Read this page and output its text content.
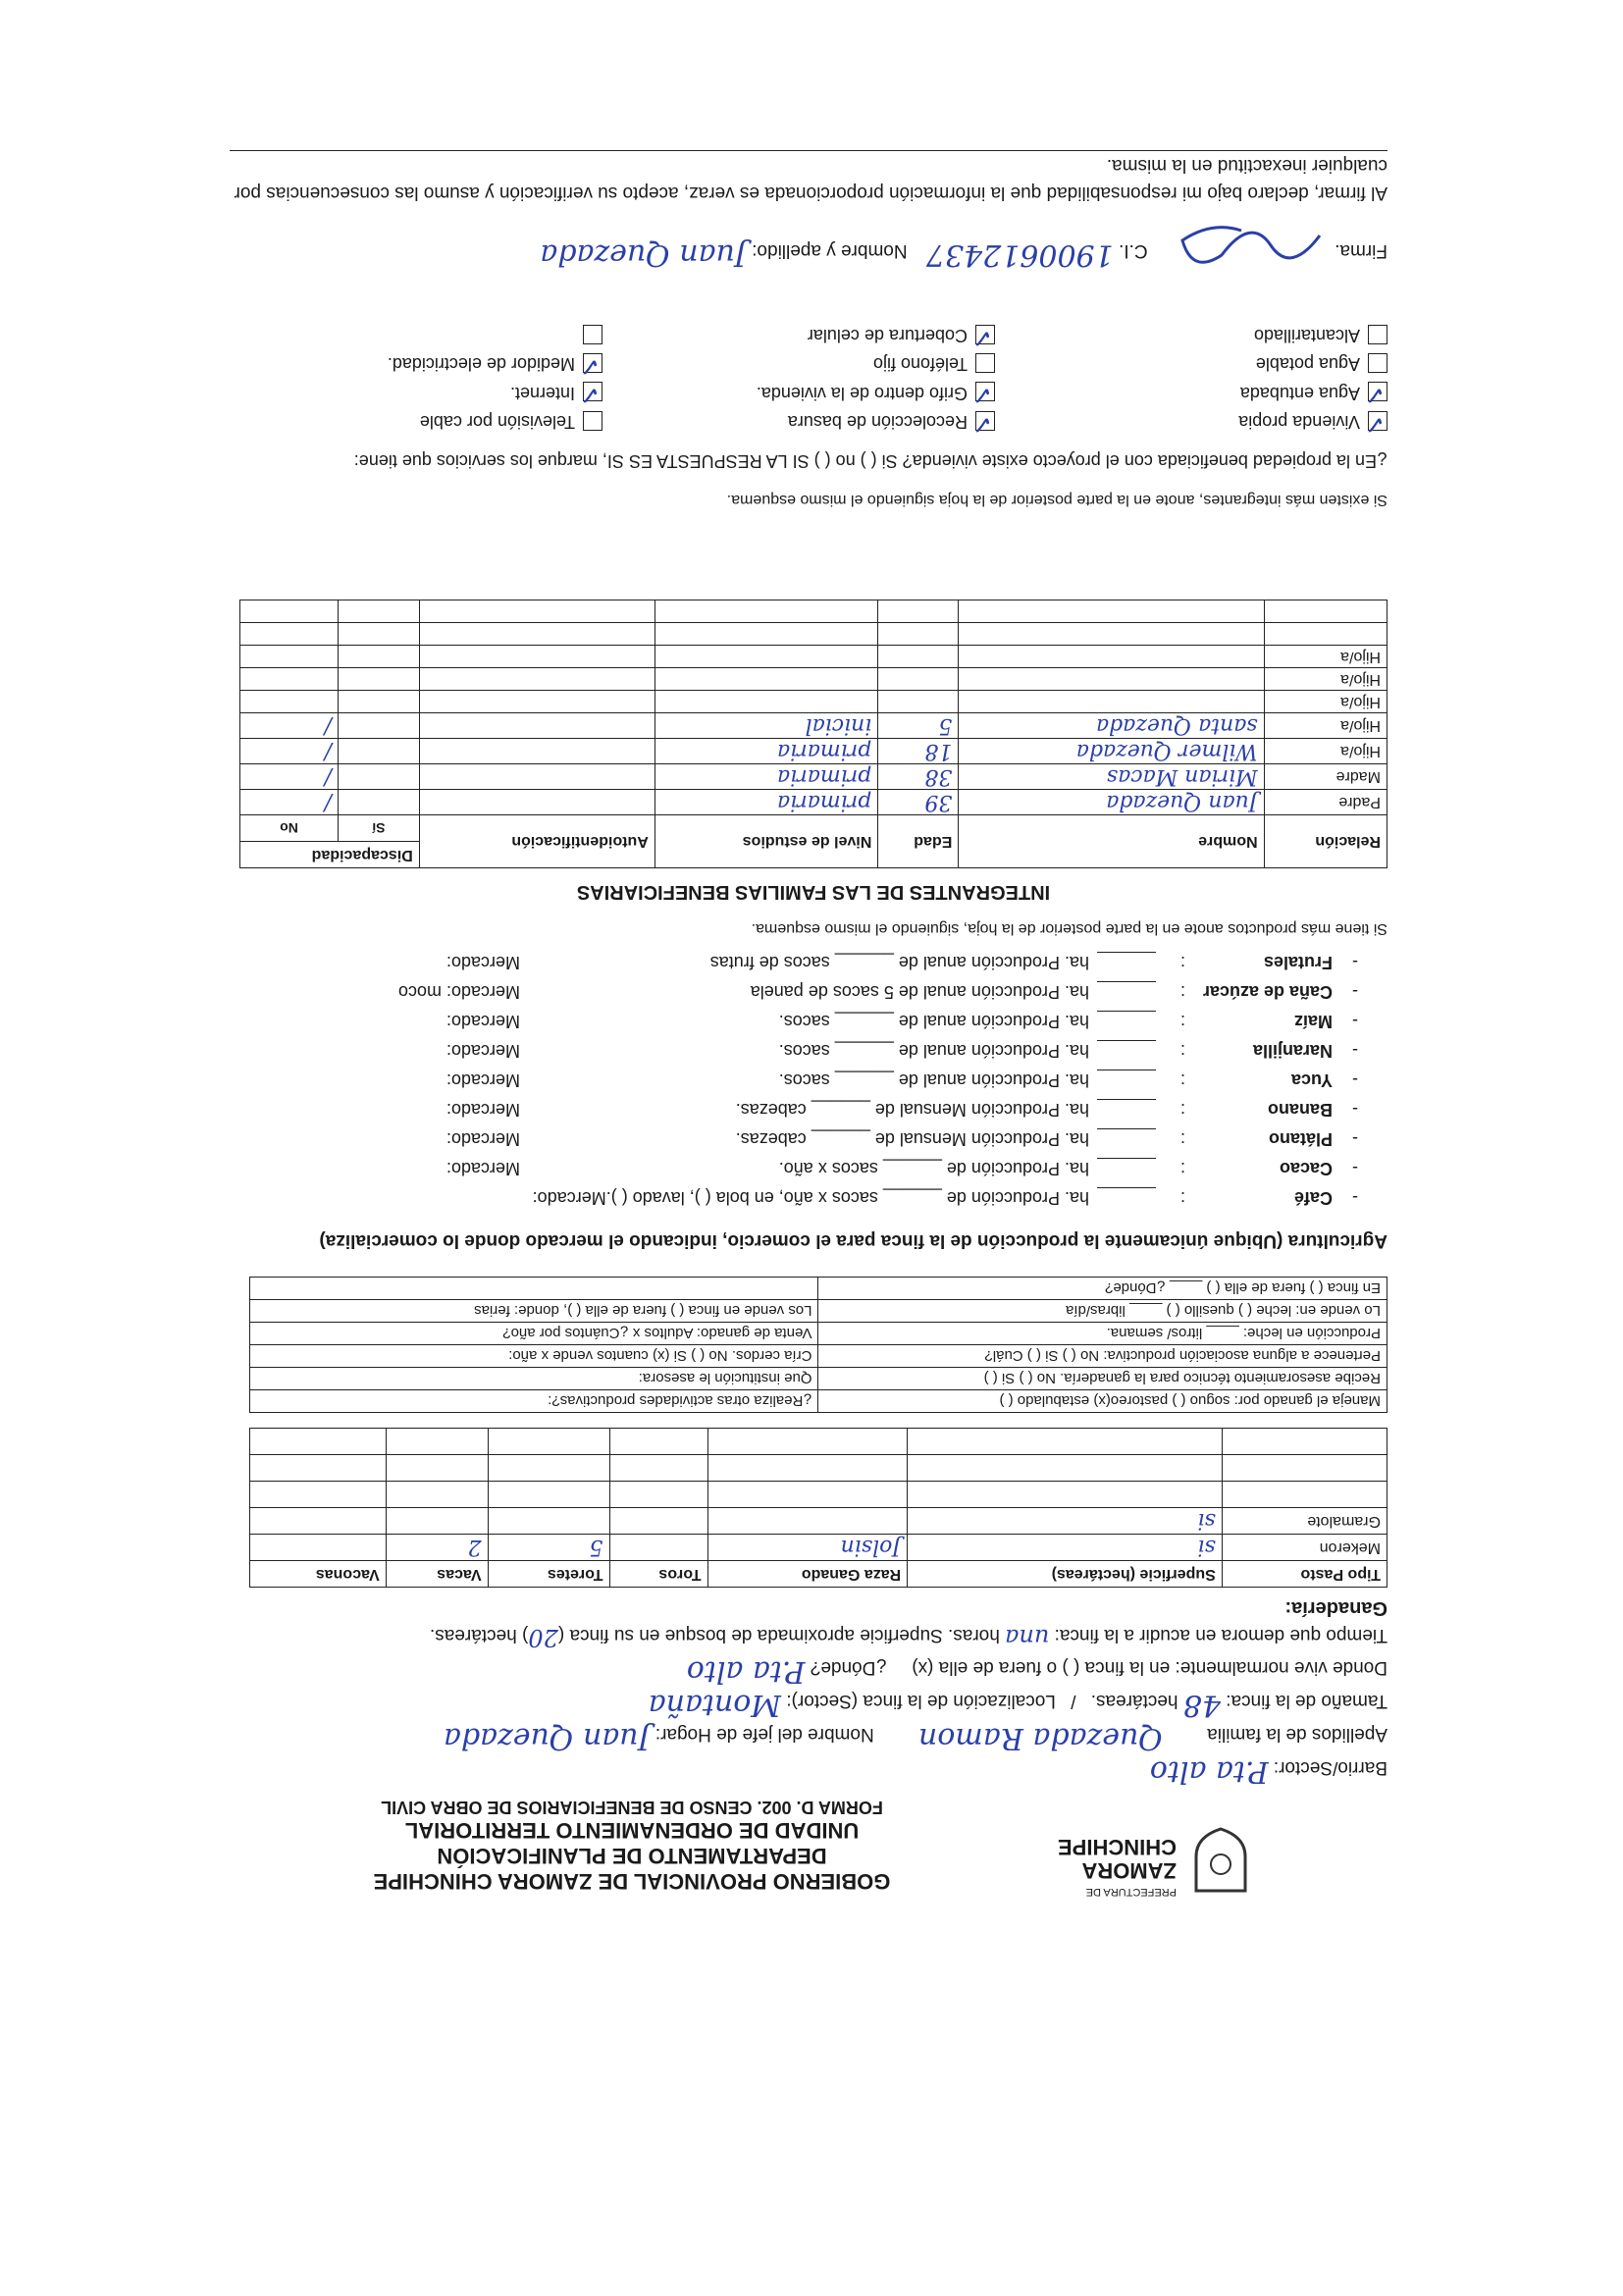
PREFECTURA DE
ZAMORA CHINCHIPE
GOBIERNO PROVINCIAL DE ZAMORA CHINCHIPE
DEPARTAMENTO DE PLANIFICACIÓN
UNIDAD DE ORDENAMIENTO TERRITORIAL
FORMA D. 002. CENSO DE BENEFICIARIOS DE OBRA CIVIL
Barrio/Sector: P.ta alto
Apellidos de la familia Quezada Ramon Nombre del jefe de Hogar: Juan Quezada
Tamaño de la finca: 48 hectáreas. / Localización de la finca (Sector): Montaña
Donde vive normalmente: en la finca ( ) o fuera de ella (x) ¿Dónde? P.ta alto
Tiempo que demora en acudir a la finca: una horas. Superficie aproximada de bosque en su finca (20) hectáreas.
Ganadería:
Tipo Pasto	Superficie (hectáreas)	Raza Ganado	Toros	Toretes	Vacas	Vaconas
Mekeron	si	Jolsin		5	2	
Gramalote	si					

Maneja el ganado por: soguo ( ) pastoreo(x) estabulado ( )	¿Realiza otras actividades productivas?:
Recibe asesoramiento técnico para la ganadería. No ( ) Si ( )	Que institución le asesora:
Pertenece a alguna asociación productiva: No ( ) Si ( ) Cuál?	Cría cerdos. No ( ) Si (x) cuantos vende x año:
Producción en leche: ____ litros/ semana.	Venta de ganado: Adultos x ¿Cuántos por año?
Lo vende en: leche ( ) quesillo ( ) ____ libras/día	Los vende en finca ( ) fuera de ella ( ), donde: ferias
En finca ( ) fuera de ella ( ) ____ ¿Dónde?	
Agricultura (Ubique únicamente la producción de la finca para el comercio, indicando el mercado donde lo comercializa)
-
Café
:
ha. Producción de ______ sacos x año, en bola ( ), lavado ( ).Mercado:
-
Cacao
:
ha. Producción de ______ sacos x año.
Mercado:
-
Plátano
:
ha. Producción Mensual de ______ cabezas.
Mercado:
-
Banano
:
ha. Producción Mensual de ______ cabezas.
Mercado:
-
Yuca
:
ha. Producción anual de ______ sacos.
Mercado:
-
Naranjilla
:
ha. Producción anual de ______ sacos.
Mercado:
-
Maíz
:
ha. Producción anual de ______ sacos.
Mercado:
-
Caña de azúcar
:
ha. Producción anual de 5 sacos de panela
Mercado: moco
-
Frutales
:
ha. Producción anual de ______ sacos de frutas
Mercado:
Si tiene más productos anote en la parte posterior de la hoja, siguiendo el mismo esquema.
INTEGRANTES DE LAS FAMILIAS BENEFICIARIAS
Relación	Nombre	Edad	Nivel de estudios	Autoidentificación	Discapacidad	
					Sí	No
Padre	Juan Quezada	39	primaria			/
Madre	Mirian Macas	38	primaria			/
Hijo/a	Wilmer Quezada	18	primaria			/
Hijo/a	santa Quezada	5	inicial			/
Hijo/a						
Hijo/a						
Hijo/a						

Si existen más integrantes, anote en la parte posterior de la hoja siguiendo el mismo esquema.
¿En la propiedad beneficiada con el proyecto existe vivienda? Si ( ) no ( ) SI LA RESPUESTA ES SI, marque los servicios que tiene:
✓Vivienda propia
✓Recolección de basura
Televisión por cable
✓Agua entubada
✓Grifo dentro de la vivienda.
✓Internet.
Agua potable
Teléfono fijo
✓Medidor de electricidad.
Alcantarillado
✓Cobertura de celular
Firma.  C.I. 1900612437 Nombre y apellido: Juan Quezada
Al firmar, declaro bajo mi responsabilidad que la información proporcionada es veraz, acepto su verificación y asumo las consecuencias por cualquier inexactitud en la misma.
